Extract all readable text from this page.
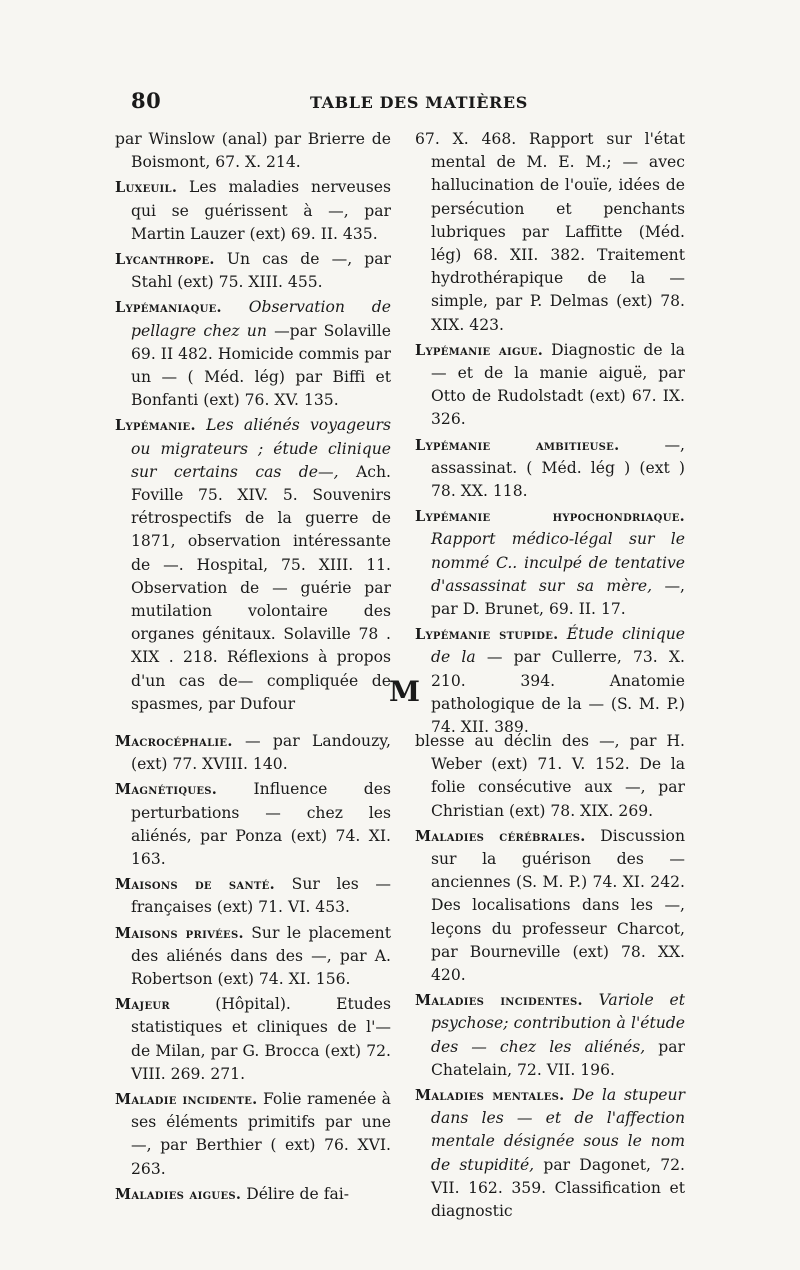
80	TABLE DES MATIÈRES
par Winslow (anal) par Brierre de Boismont, 67. X. 214.
Luxeuil. Les maladies nerveuses qui se guérissent à —, par Martin Lauzer (ext) 69. II. 435.
Lycanthrope. Un cas de —, par Stahl (ext) 75. XIII. 455.
Lypémaniaque. Observation de pellagre chez un —par Solaville 69. II 482. Homicide commis par un — ( Méd. lég) par Biffi et Bonfanti (ext) 76. XV. 135.
Lypémanie. Les aliénés voyageurs ou migrateurs ; étude clinique sur certains cas de—, Ach. Foville 75. XIV. 5. Souvenirs rétrospectifs de la guerre de 1871, observation intéressante de —. Hospital, 75. XIII. 11. Observation de — guérie par mutilation volontaire des organes génitaux. Solaville 78 . XIX . 218. Réflexions à propos d'un cas de— compliquée de spasmes, par Dufour
67. X. 468. Rapport sur l'état mental de M. E. M.; — avec hallucination de l'ouïe, idées de persécution et penchants lubriques par Laffitte (Méd. lég) 68. XII. 382. Traitement hydrothérapique de la — simple, par P. Delmas (ext) 78. XIX. 423.
Lypémanie aigue. Diagnostic de la — et de la manie aiguë, par Otto de Rudolstadt (ext) 67. IX. 326.
Lypémanie ambitieuse. —, assassinat. ( Méd. lég ) (ext ) 78. XX. 118.
Lypémanie hypochondriaque. Rapport médico-légal sur le nommé C.. inculpé de tentative d'assassinat sur sa mère, —, par D. Brunet, 69. II. 17.
Lypémanie stupide. Étude clinique de la — par Cullerre, 73. X. 210. 394. Anatomie pathologique de la — (S. M. P.) 74. XII. 389.
M
Macrocéphalie. — par Landouzy, (ext) 77. XVIII. 140.
Magnétiques. Influence des perturbations — chez les aliénés, par Ponza (ext) 74. XI. 163.
Maisons de santé. Sur les — françaises (ext) 71. VI. 453.
Maisons privées. Sur le placement des aliénés dans des —, par A. Robertson (ext) 74. XI. 156.
Majeur (Hôpital). Etudes statistiques et cliniques de l'— de Milan, par G. Brocca (ext) 72. VIII. 269. 271.
Maladie incidente. Folie ramenée à ses éléments primitifs par une —, par Berthier ( ext) 76. XVI. 263.
Maladies aigues. Délire de fai-
blesse au déclin des —, par H. Weber (ext) 71. V. 152. De la folie consécutive aux —, par Christian (ext) 78. XIX. 269.
Maladies cérébrales. Discussion sur la guérison des — anciennes (S. M. P.) 74. XI. 242. Des localisations dans les —, leçons du professeur Charcot, par Bourneville (ext) 78. XX. 420.
Maladies incidentes. Variole et psychose; contribution à l'étude des — chez les aliénés, par Chatelain, 72. VII. 196.
Maladies mentales. De la stupeur dans les — et de l'affection mentale désignée sous le nom de stupidité, par Dagonet, 72. VII. 162. 359. Classification et diagnostic
